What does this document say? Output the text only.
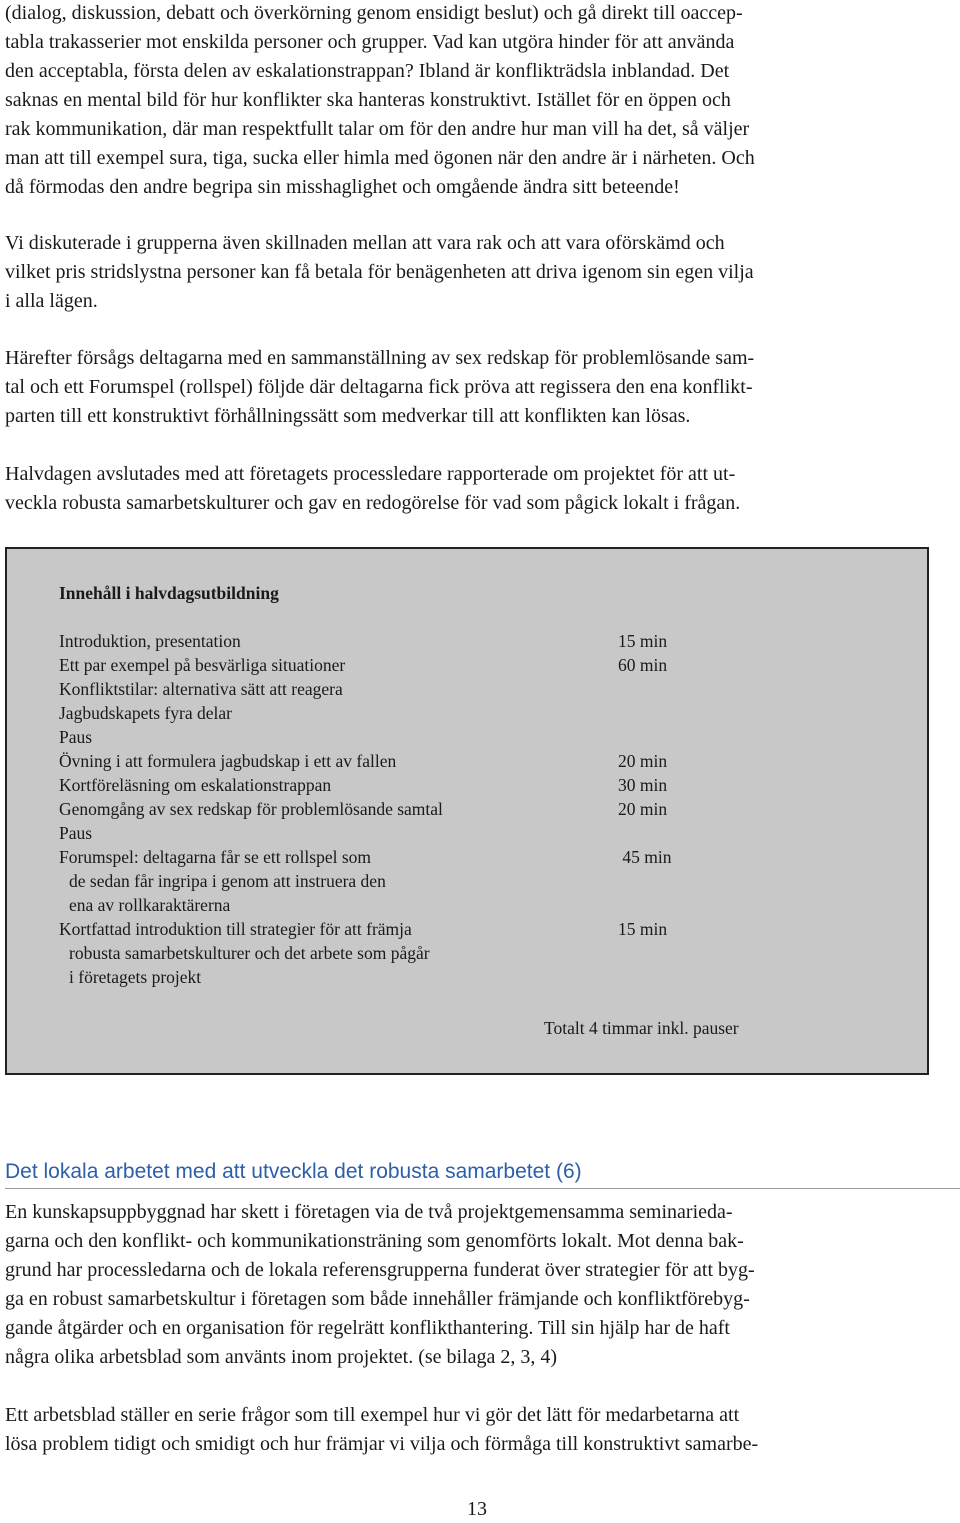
(dialog, diskussion, debatt och överkörning genom ensidigt beslut) och gå direkt till oaccep-
tabla trakasserier mot enskilda personer och grupper. Vad kan utgöra hinder för att använda
den acceptabla, första delen av eskalationstrappan? Ibland är konflikträdsla inblandad. Det
saknas en mental bild för hur konflikter ska hanteras konstruktivt. Istället för en öppen och
rak kommunikation, där man respektfullt talar om för den andre hur man vill ha det, så väljer
man att till exempel sura, tiga, sucka eller himla med ögonen när den andre är i närheten. Och
då förmodas den andre begripa sin misshaglighet och omgående ändra sitt beteende!
Vi diskuterade i grupperna även skillnaden mellan att vara rak och att vara oförskämd och
vilket pris stridslystna personer kan få betala för benägenheten att driva igenom sin egen vilja
i alla lägen.
Härefter försågs deltagarna med en sammanställning av sex redskap för problemlösande sam-
tal och ett Forumspel (rollspel) följde där deltagarna fick pröva att regissera den ena konflikt-
parten till ett konstruktivt förhållningssätt som medverkar till att konflikten kan lösas.
Halvdagen avslutades med att företagets processledare rapporterade om projektet för att ut-
veckla robusta samarbetskulturer och gav en redogörelse för vad som pågick lokalt i frågan.
Innehåll i halvdagsutbildning
Introduktion, presentation
Ett par exempel på besvärliga situationer
Konfliktstilar: alternativa sätt att reagera
Jagbudskapets fyra delar
Paus
Övning i att formulera jagbudskap i ett av fallen
Kortföreläsning om eskalationstrappan
Genomgång av sex redskap för problemlösande samtal
Paus
Forumspel: deltagarna får se ett rollspel som
de sedan får ingripa i genom att instruera den
ena av rollkaraktärerna
Kortfattad introduktion till strategier för att främja
robusta samarbetskulturer och det arbete som pågår
i företagets projekt
15 min
60 min
20 min
30 min
20 min
45 min
15 min
Totalt 4 timmar inkl. pauser
Det lokala arbetet med att utveckla det robusta samarbetet (6)
En kunskapsuppbyggnad har skett i företagen via de två projektgemensamma seminarieda-
garna och den konflikt- och kommunikationsträning som genomförts lokalt. Mot denna bak-
grund har processledarna och de lokala referensgrupperna funderat över strategier för att byg-
ga en robust samarbetskultur i företagen som både innehåller främjande och konfliktförebyg-
gande åtgärder och en organisation för regelrätt konflikthantering. Till sin hjälp har de haft
några olika arbetsblad som använts inom projektet. (se bilaga 2, 3, 4)
Ett arbetsblad ställer en serie frågor som till exempel hur vi gör det lätt för medarbetarna att
lösa problem tidigt och smidigt och hur främjar vi vilja och förmåga till konstruktivt samarbe-
13
